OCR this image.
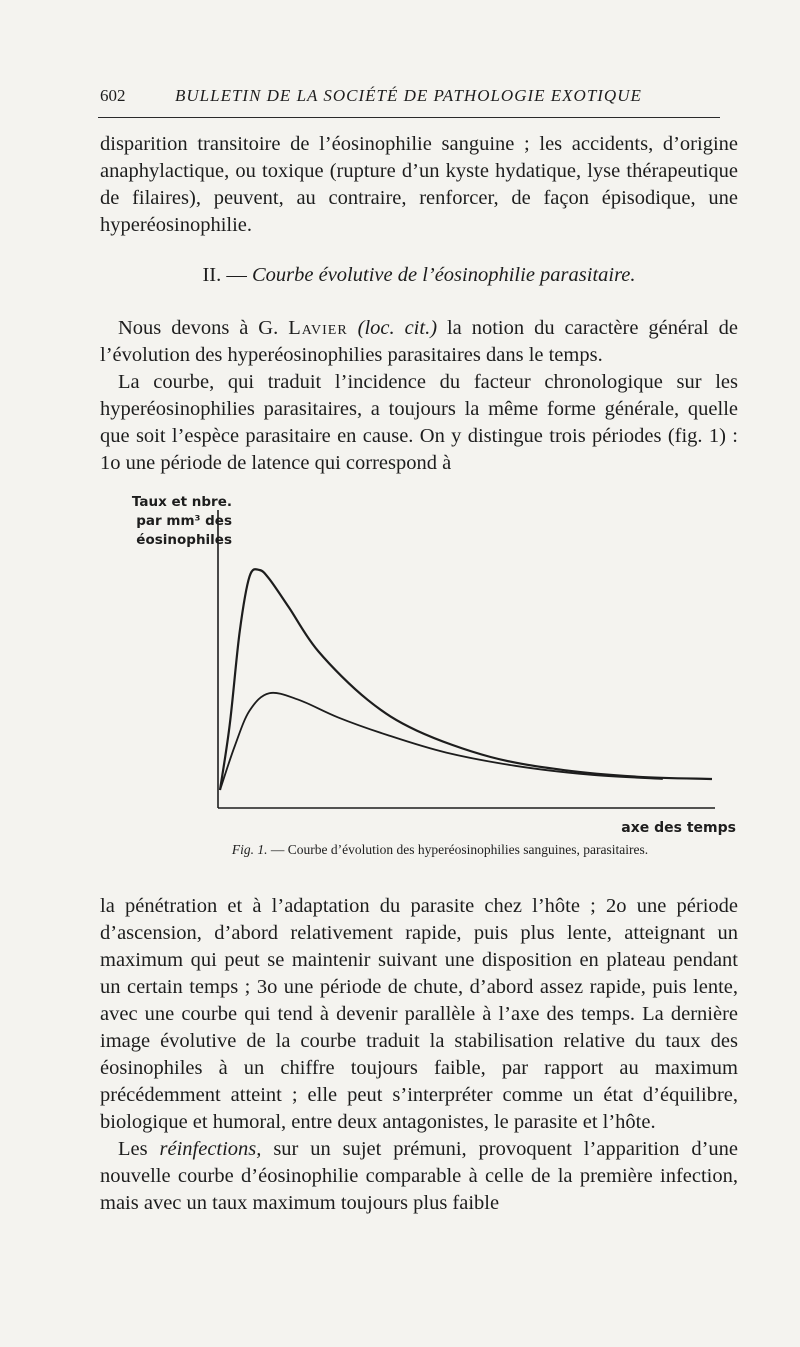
602	BULLETIN DE LA SOCIÉTÉ DE PATHOLOGIE EXOTIQUE

disparition transitoire de l’éosinophilie sanguine ; les accidents, d’origine anaphylactique, ou toxique (rupture d’un kyste hydatique, lyse thérapeutique de filaires), peuvent, au contraire, renforcer, de façon épisodique, une hyperéosinophilie.

II. — Courbe évolutive de l’éosinophilie parasitaire.

Nous devons à G. Lavier (loc. cit.) la notion du caractère général de l’évolution des hyperéosinophilies parasitaires dans le temps.

La courbe, qui traduit l’incidence du facteur chronologique sur les hyperéosinophilies parasitaires, a toujours la même forme générale, quelle que soit l’espèce parasitaire en cause. On y distingue trois périodes (fig. 1) : 1o une période de latence qui correspond à

Taux et nbre.
par mm³ des
éosinophiles
axe des temps
Fig. 1. — Courbe d’évolution des hyperéosinophilies sanguines, parasitaires.

la pénétration et à l’adaptation du parasite chez l’hôte ; 2o une période d’ascension, d’abord relativement rapide, puis plus lente, atteignant un maximum qui peut se maintenir suivant une disposition en plateau pendant un certain temps ; 3o une période de chute, d’abord assez rapide, puis lente, avec une courbe qui tend à devenir parallèle à l’axe des temps. La dernière image évolutive de la courbe traduit la stabilisation relative du taux des éosinophiles à un chiffre toujours faible, par rapport au maximum précédemment atteint ; elle peut s’interpréter comme un état d’équilibre, biologique et humoral, entre deux antagonistes, le parasite et l’hôte.

Les réinfections, sur un sujet prémuni, provoquent l’apparition d’une nouvelle courbe d’éosinophilie comparable à celle de la première infection, mais avec un taux maximum toujours plus faible
